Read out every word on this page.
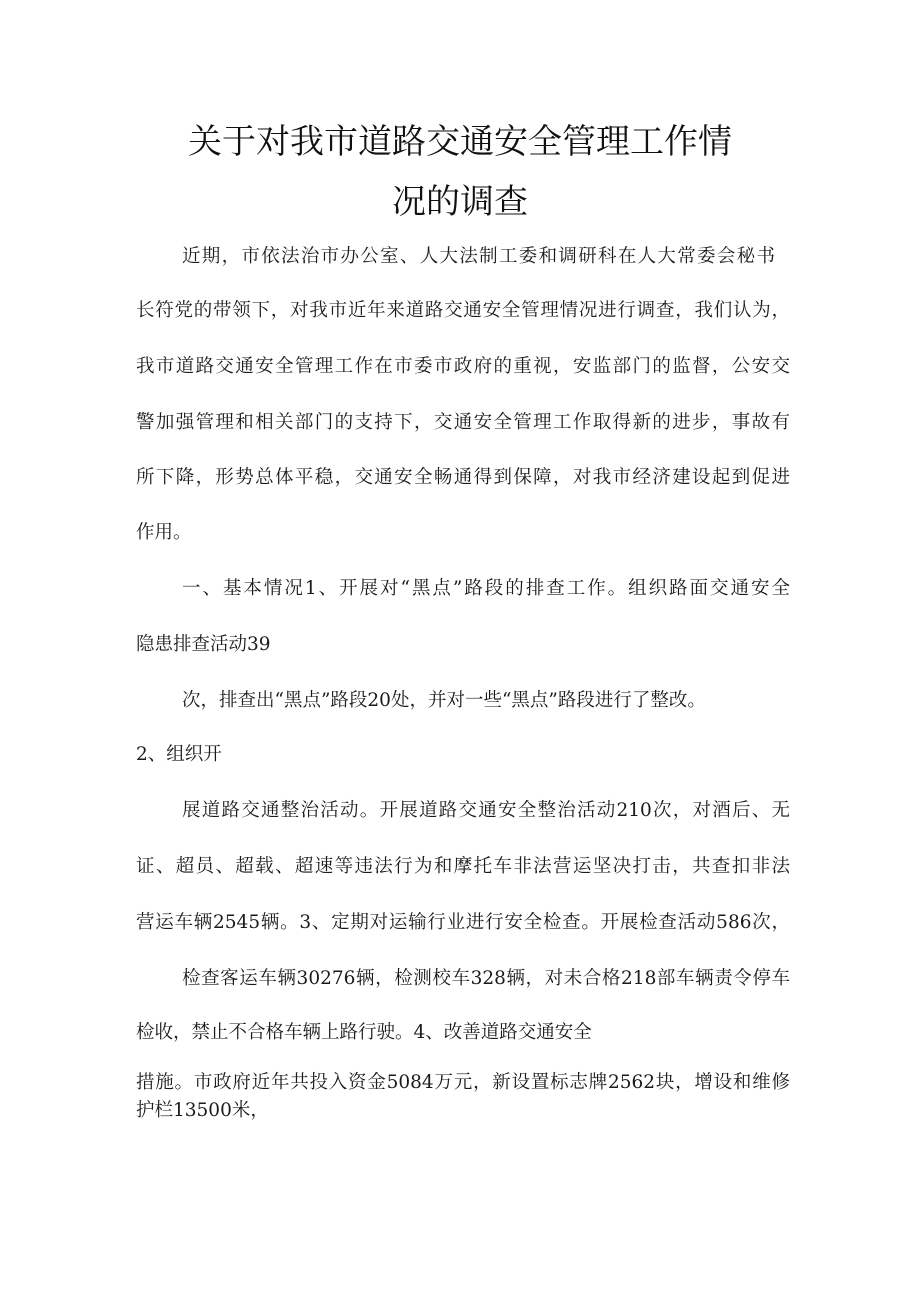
关于对我市道路交通安全管理工作情
况的调查

近期，市依法治市办公室、人大法制工委和调研科在人大常委会秘书

长符党的带领下，对我市近年来道路交通安全管理情况进行调查，我们认为，

我市道路交通安全管理工作在市委市政府的重视，安监部门的监督，公安交

警加强管理和相关部门的支持下，交通安全管理工作取得新的进步，事故有

所下降，形势总体平稳，交通安全畅通得到保障，对我市经济建设起到促进

作用。

一、基本情况1、开展对“黑点”路段的排查工作。组织路面交通安全

隐患排查活动39

次，排查出“黑点”路段20处，并对一些“黑点”路段进行了整改。

2、组织开

展道路交通整治活动。开展道路交通安全整治活动210次，对酒后、无

证、超员、超载、超速等违法行为和摩托车非法营运坚决打击，共查扣非法

营运车辆2545辆。3、定期对运输行业进行安全检查。开展检查活动586次，

检查客运车辆30276辆，检测校车328辆，对未合格218部车辆责令停车

检收，禁止不合格车辆上路行驶。4、改善道路交通安全

措施。市政府近年共投入资金5084万元，新设置标志牌2562块，增设和维修

护栏13500米，
